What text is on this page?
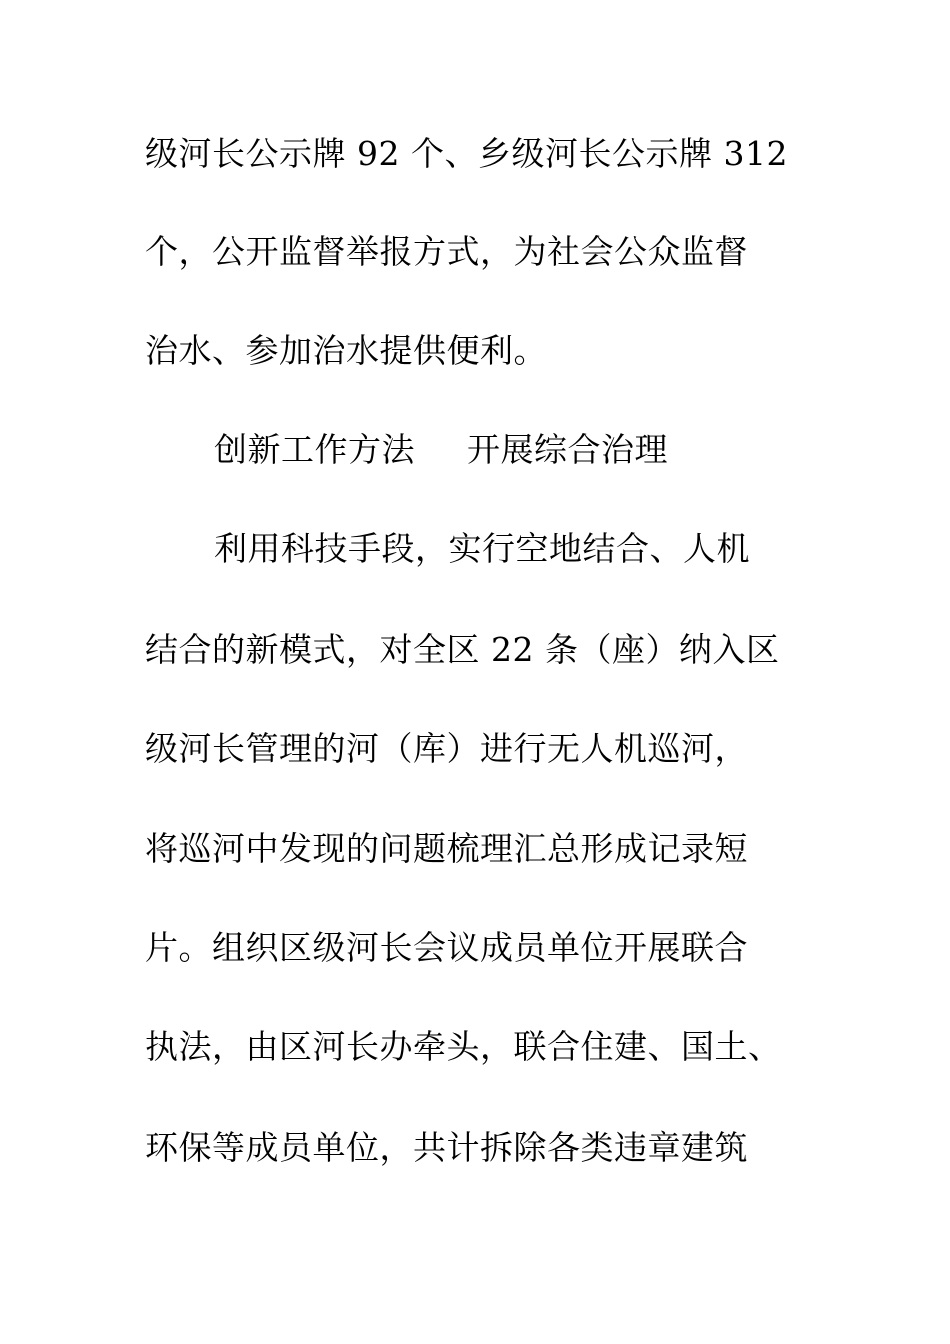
级河长公示牌 92 个、乡级河长公示牌 312
个，公开监督举报方式，为社会公众监督
治水、参加治水提供便利。
创新工作方法 开展综合治理
利用科技手段，实行空地结合、人机
结合的新模式，对全区 22 条（座）纳入区
级河长管理的河（库）进行无人机巡河，
将巡河中发现的问题梳理汇总形成记录短
片。组织区级河长会议成员单位开展联合
执法，由区河长办牵头，联合住建、国土、
环保等成员单位，共计拆除各类违章建筑
